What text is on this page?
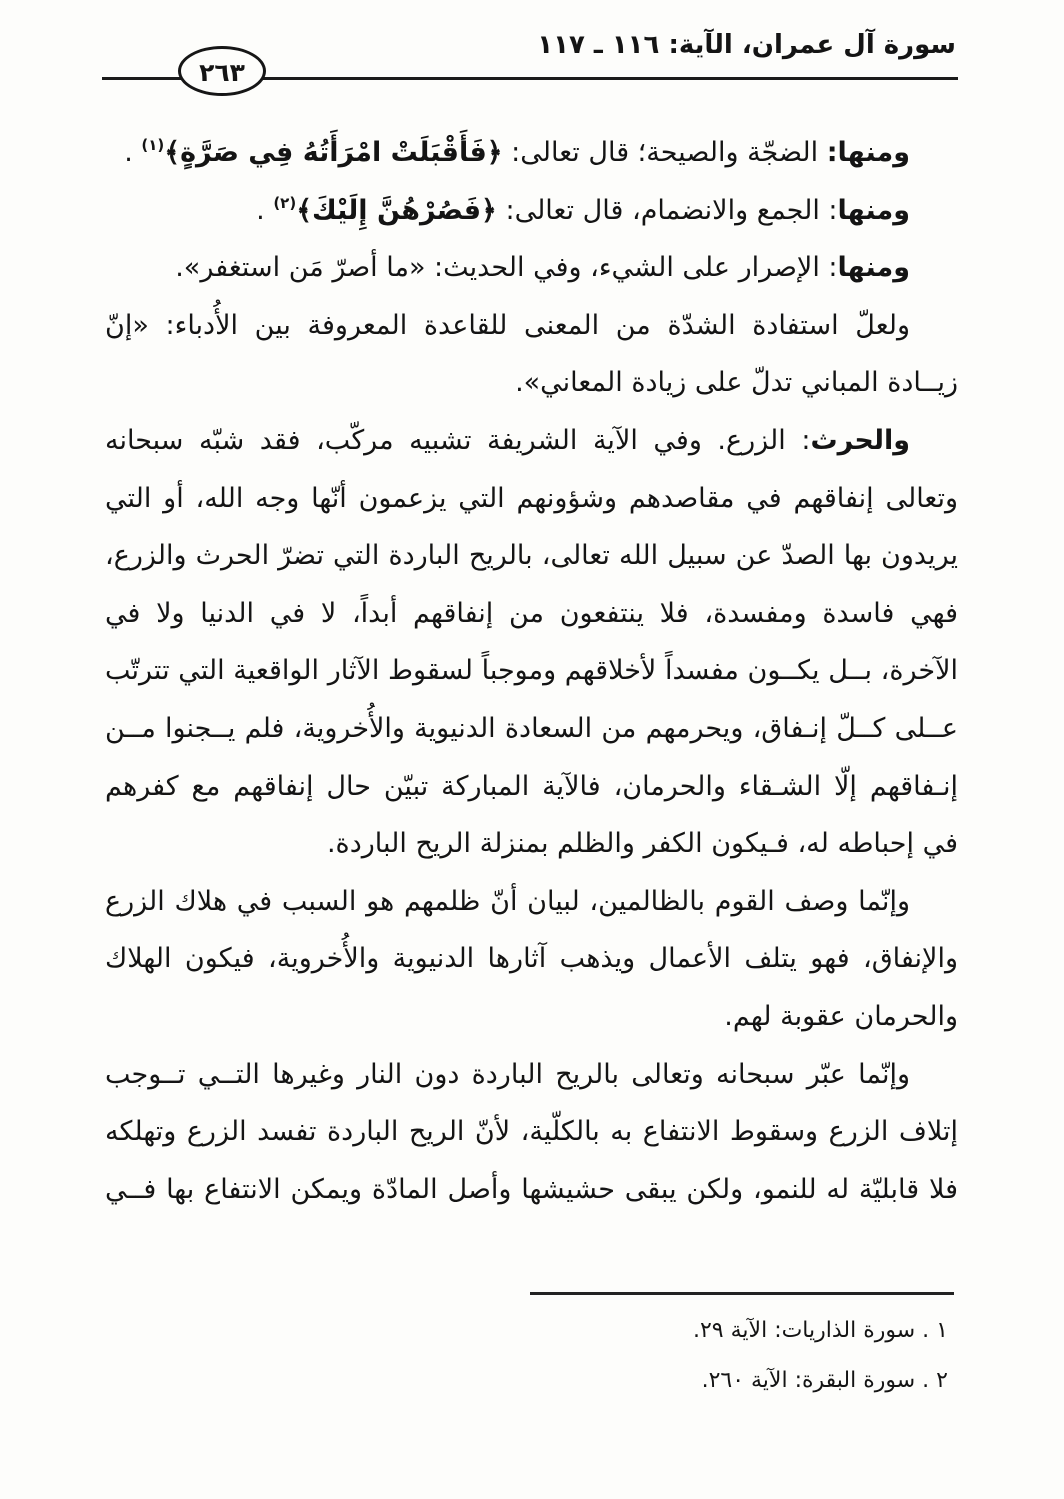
سورة آل عمران، الآية: ١١٦ ـ ١١٧
٢٦٣

ومنها: الضجّة والصيحة؛ قال تعالى: ﴿فَأَقْبَلَتْ امْرَأَتُهُ فِي صَرَّةٍ﴾$^{(١)}$ .

ومنها: الجمع والانضمام، قال تعالى: ﴿فَصُرْهُنَّ إِلَيْكَ﴾$^{(٢)}$ .

ومنها: الإصرار على الشيء، وفي الحديث: «ما أصرّ مَن استغفر».

ولعلّ استفادة الشدّة من المعنى للقاعدة المعروفة بين الأُدباء: «إنّ زيــادة المباني تدلّ على زيادة المعاني».

والحرث: الزرع. وفي الآية الشريفة تشبيه مركّب، فقد شبّه سبحانه وتعالى إنفاقهم في مقاصدهم وشؤونهم التي يزعمون أنّها وجه الله، أو التي يريدون بها الصدّ عن سبيل الله تعالى، بالريح الباردة التي تضرّ الحرث والزرع، فهي فاسدة ومفسدة، فلا ينتفعون من إنفاقهم أبداً، لا في الدنيا ولا في الآخرة، بــل يكــون مفسداً لأخلاقهم وموجباً لسقوط الآثار الواقعية التي تترتّب عــلى كــلّ إنـفاق، ويحرمهم من السعادة الدنيوية والأُخروية، فلم يــجنوا مــن إنـفاقهم إلّا الشـقاء والحرمان، فالآية المباركة تبيّن حال إنفاقهم مع كفرهم في إحباطه له، فـيكون الكفر والظلم بمنزلة الريح الباردة.

وإنّما وصف القوم بالظالمين، لبيان أنّ ظلمهم هو السبب في هلاك الزرع والإنفاق، فهو يتلف الأعمال ويذهب آثارها الدنيوية والأُخروية، فيكون الهلاك والحرمان عقوبة لهم.

وإنّما عبّر سبحانه وتعالى بالريح الباردة دون النار وغيرها التــي تــوجب إتلاف الزرع وسقوط الانتفاع به بالكلّية، لأنّ الريح الباردة تفسد الزرع وتهلكه فلا قابليّة له للنمو، ولكن يبقى حشيشها وأصل المادّة ويمكن الانتفاع بها فــي

١ . سورة الذاريات: الآية ٢٩.
٢ . سورة البقرة: الآية ٢٦٠.
